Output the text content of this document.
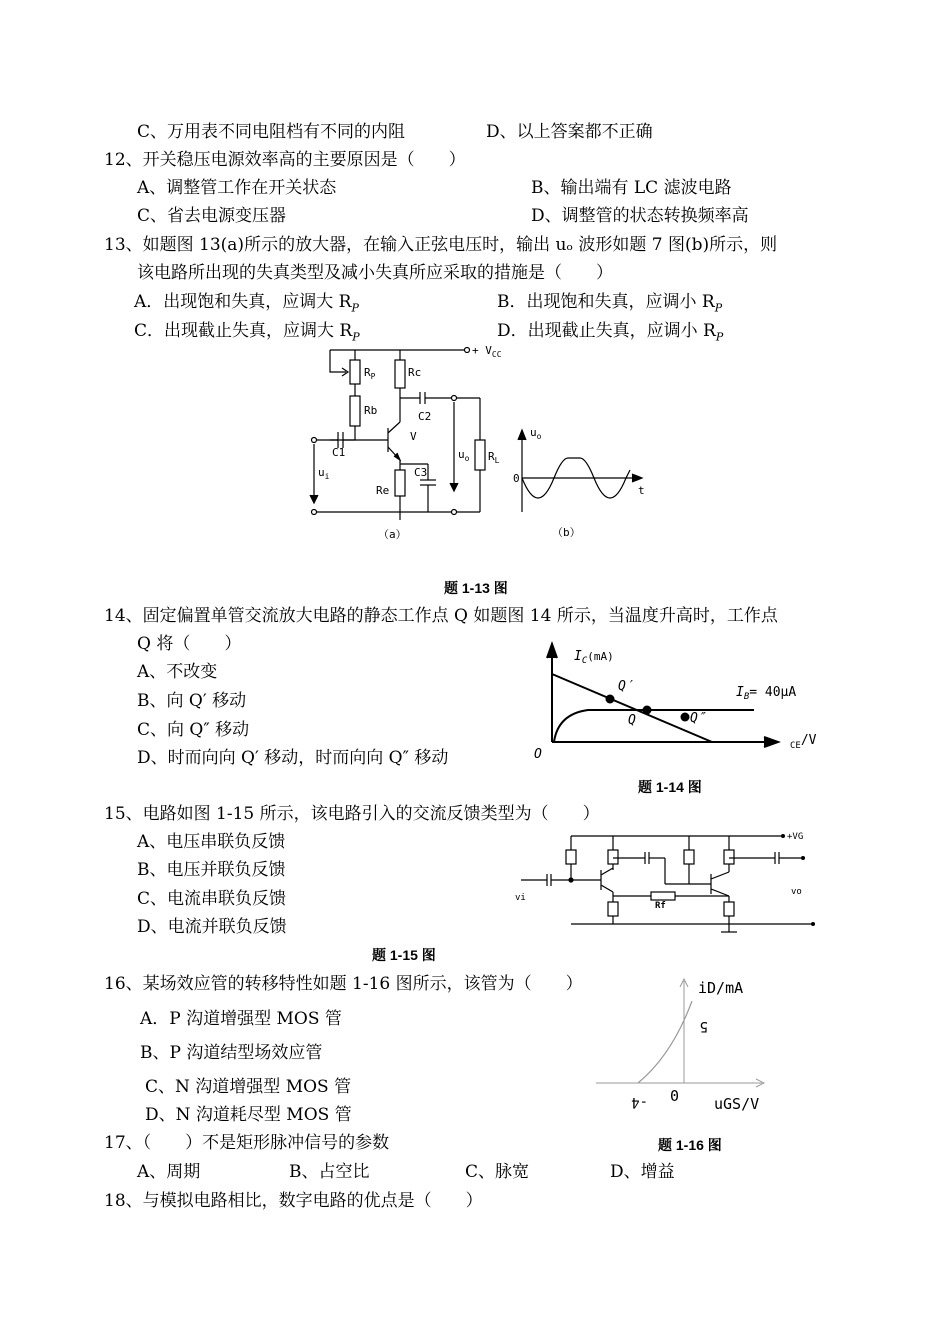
C、万用表不同电阻档有不同的内阻	D、以上答案都不正确
12、开关稳压电源效率高的主要原因是（　　）
A、调整管工作在开关状态	B、输出端有 LC 滤波电路
C、省去电源变压器	D、调整管的状态转换频率高
13、如题图 13(a)所示的放大器，在输入正弦电压时，输出 uₒ 波形如题 7 图(b)所示，则
该电路所出现的失真类型及减小失真所应采取的措施是（　　）
A．出现饱和失真，应调大 $R_P$	B．出现饱和失真，应调小 $R_P$
C．出现截止失真，应调大 $R_P$	D．出现截止失真，应调小 $R_P$
+ $V_{CC}$
$R_P$	Rc
Rb	C2
C1
V
C3
Re
$u_i$
$u_o$ $R_L$
（a）	（b）
$u_o$
0
t
题 1-13 图
14、固定偏置单管交流放大电路的静态工作点 Q 如题图 14 所示，当温度升高时，工作点
Q 将（　　）
A、不改变
B、向 Q′ 移动
C、向 Q″ 移动
D、时而向向 Q′ 移动，时而向向 Q″ 移动
$I_C^{(mA)}$
Q′
Q	Q″
$I_B= 40\mu A$
O
CE/V
题 1-14 图
15、电路如图 1-15 所示，该电路引入的交流反馈类型为（　　）
A、电压串联负反馈
B、电压并联负反馈
C、电流串联负反馈
D、电流并联负反馈
+VG
vi
Rf
vo
题 1-15 图
16、某场效应管的转移特性如题 1-16 图所示，该管为（　　）
A．P 沟道增强型 MOS 管
B、P 沟道结型场效应管
C、N 沟道增强型 MOS 管
D、N 沟道耗尽型 MOS 管
iD/mA
5
-4 0 uGS/V
17、（　　）不是矩形脉冲信号的参数	题 1-16 图
A、周期	B、占空比	C、脉宽	D、增益
18、与模拟电路相比，数字电路的优点是（　　）
